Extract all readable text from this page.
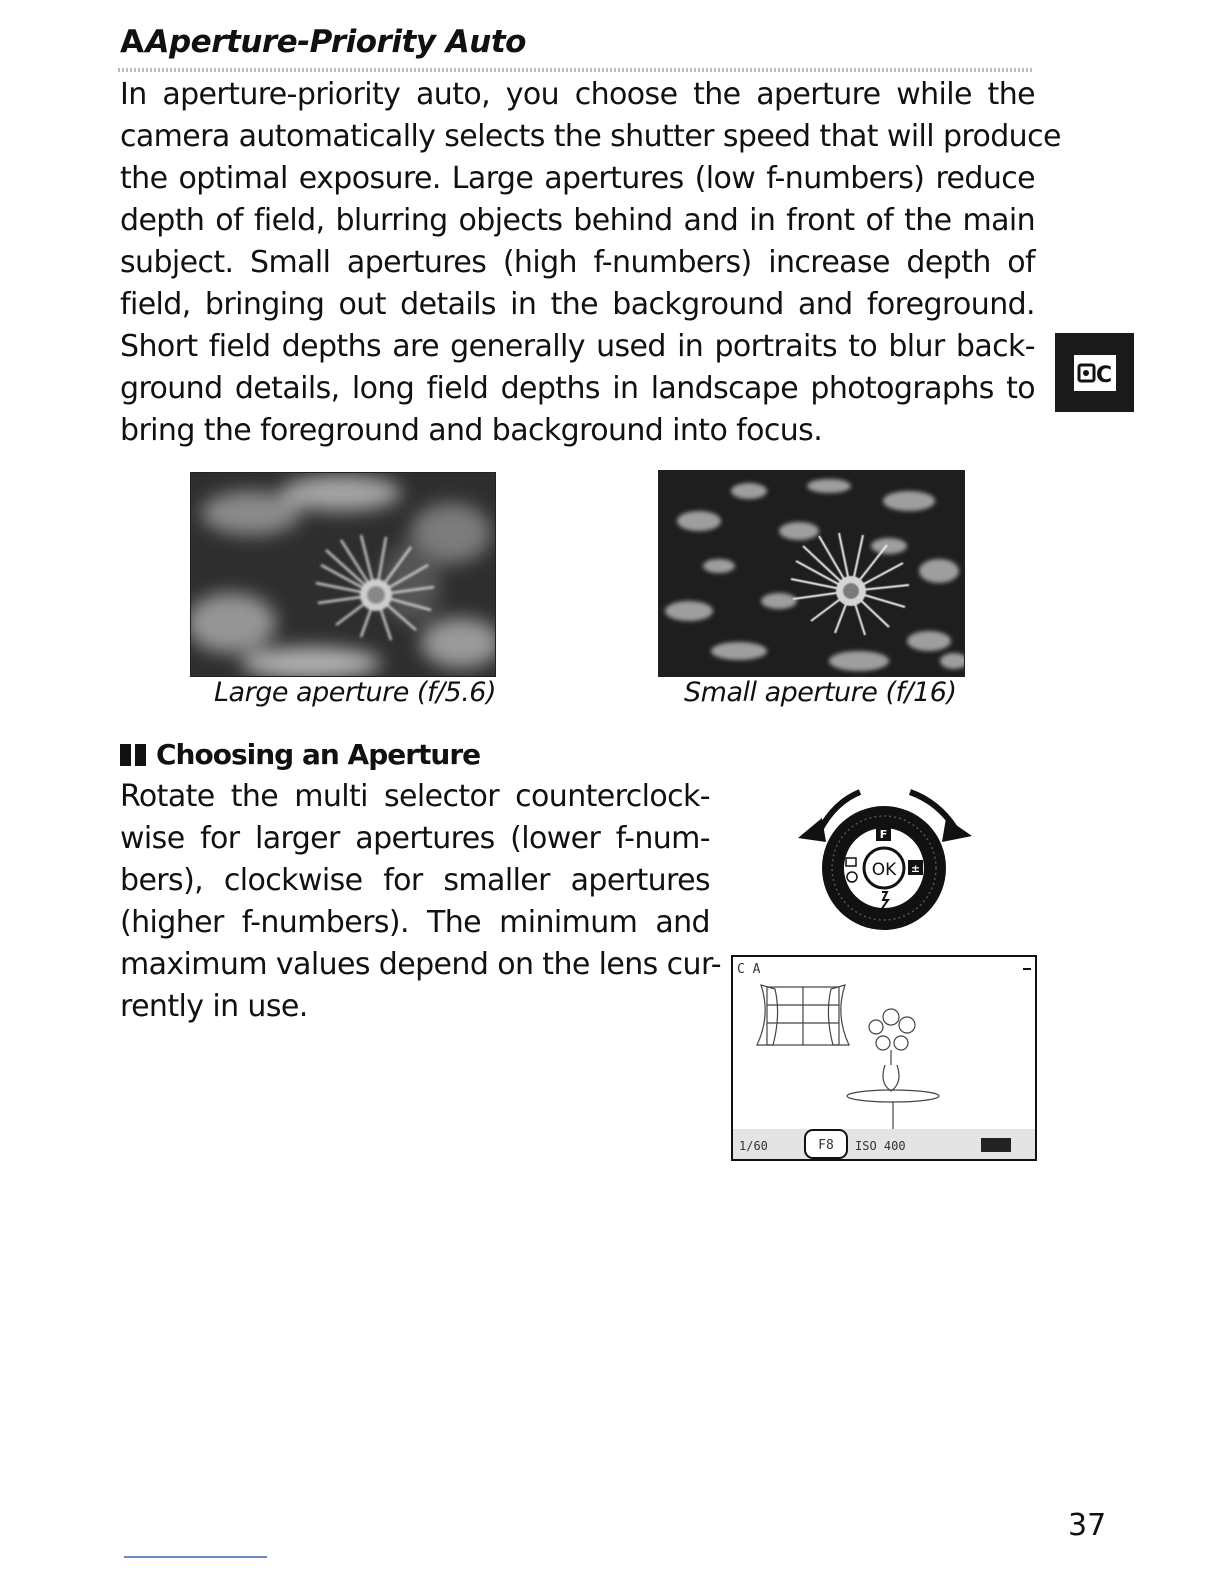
AAperture-Priority Auto
In aperture-priority auto, you choose the aperture while the
camera automatically selects the shutter speed that will produce
the optimal exposure. Large apertures (low f-numbers) reduce
depth of field, blurring objects behind and in front of the main
subject. Small apertures (high f-numbers) increase depth of
field, bringing out details in the background and foreground.
Short field depths are generally used in portraits to blur back-
ground details, long field depths in landscape photographs to
bring the foreground and background into focus.
C
Large aperture (f/5.6)	Small aperture (f/16)
Choosing an Aperture
Rotate the multi selector counterclock-
wise for larger apertures (lower f-num-
bers), clockwise for smaller apertures
(higher f-numbers). The minimum and
maximum values depend on the lens cur-
rently in use.
OK
F
±
C A
1/60	F8 ISO 400
37
